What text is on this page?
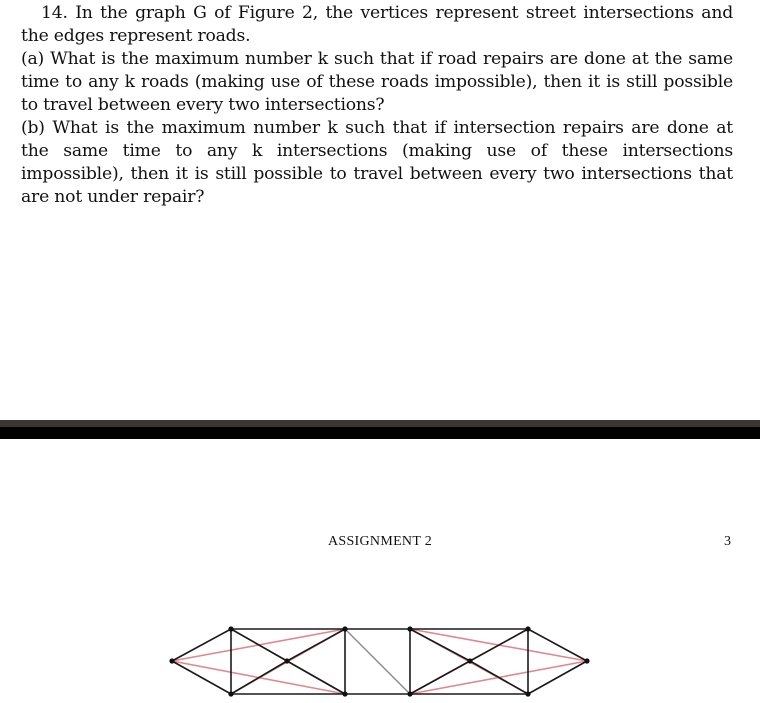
14. In the graph G of Figure 2, the vertices represent street intersections and the edges represent roads.

(a) What is the maximum number k such that if road repairs are done at the same time to any k roads (making use of these roads impossible), then it is still possible to travel between every two intersections?

(b) What is the maximum number k such that if intersection repairs are done at the same time to any k intersections (making use of these intersections impossible), then it is still possible to travel between every two intersections that are not under repair?

ASSIGNMENT 2	3
